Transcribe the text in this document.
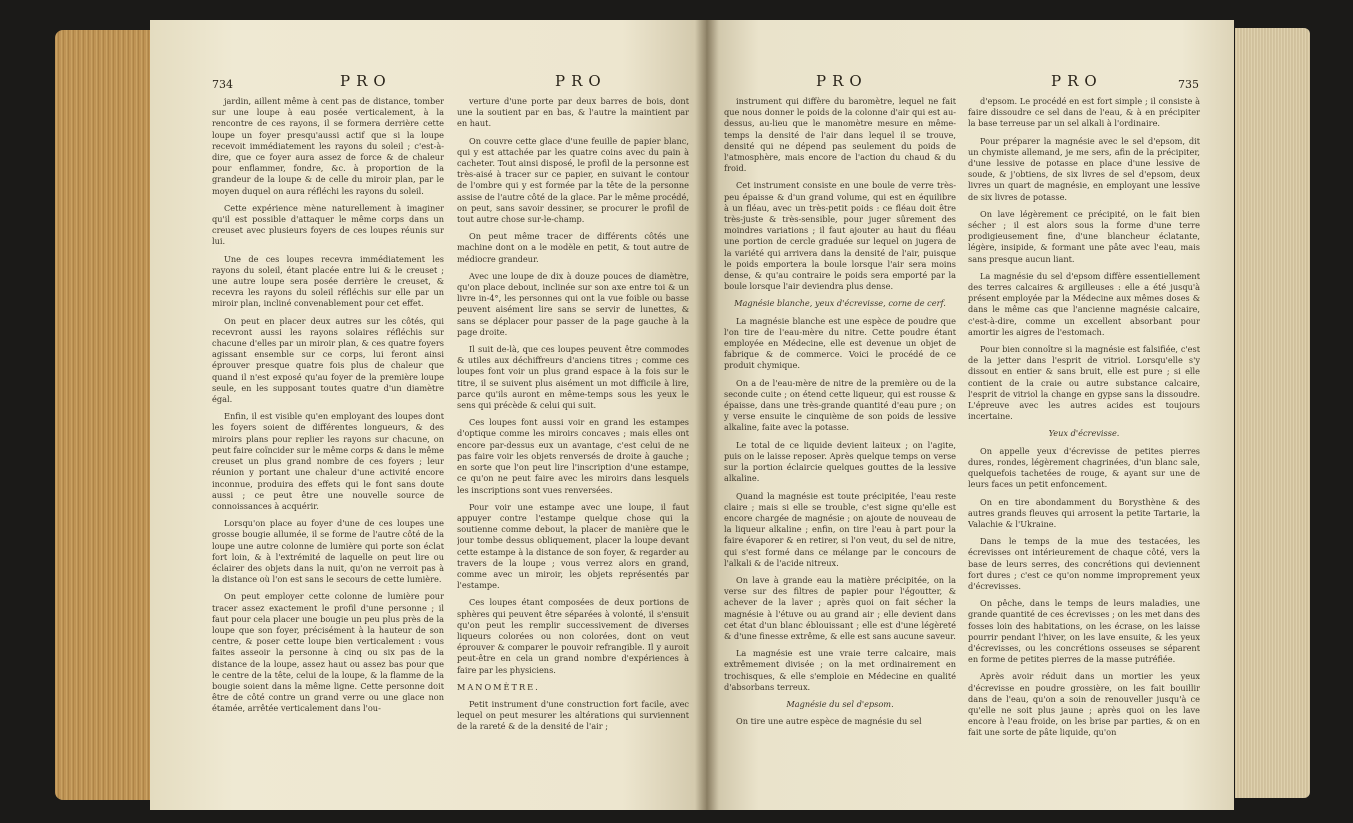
734	PRO	PRO

jardin, aillent même à cent pas de distance, tomber sur une loupe à eau posée verticalement, à la rencontre de ces rayons, il se formera derrière cette loupe un foyer presqu'aussi actif que si la loupe recevoit immédiatement les rayons du soleil ; c'est-à-dire, que ce foyer aura assez de force & de chaleur pour enflammer, fondre, &c. à proportion de la grandeur de la loupe & de celle du miroir plan, par le moyen duquel on aura réfléchi les rayons du soleil.

Cette expérience mène naturellement à imaginer qu'il est possible d'attaquer le même corps dans un creuset avec plusieurs foyers de ces loupes réunis sur lui.

Une de ces loupes recevra immédiatement les rayons du soleil, étant placée entre lui & le creuset ; une autre loupe sera posée derrière le creuset, & recevra les rayons du soleil réfléchis sur elle par un miroir plan, incliné convenablement pour cet effet.

On peut en placer deux autres sur les côtés, qui recevront aussi les rayons solaires réfléchis sur chacune d'elles par un miroir plan, & ces quatre foyers agissant ensemble sur ce corps, lui feront ainsi éprouver presque quatre fois plus de chaleur que quand il n'est exposé qu'au foyer de la première loupe seule, en les supposant toutes quatre d'un diamètre égal.

Enfin, il est visible qu'en employant des loupes dont les foyers soient de différentes longueurs, & des miroirs plans pour replier les rayons sur chacune, on peut faire coïncider sur le même corps & dans le même creuset un plus grand nombre de ces foyers ; leur réunion y portant une chaleur d'une activité encore inconnue, produira des effets qui le font sans doute aussi ; ce peut être une nouvelle source de connoissances à acquérir.

Lorsqu'on place au foyer d'une de ces loupes une grosse bougie allumée, il se forme de l'autre côté de la loupe une autre colonne de lumière qui porte son éclat fort loin, & à l'extrémité de laquelle on peut lire ou éclairer des objets dans la nuit, qu'on ne verroit pas à la distance où l'on est sans le secours de cette lumière.

On peut employer cette colonne de lumière pour tracer assez exactement le profil d'une personne ; il faut pour cela placer une bougie un peu plus près de la loupe que son foyer, précisément à la hauteur de son centre, & poser cette loupe bien verticalement : vous faites asseoir la personne à cinq ou six pas de la distance de la loupe, assez haut ou assez bas pour que le centre de la tête, celui de la loupe, & la flamme de la bougie soient dans la même ligne. Cette personne doit être de côté contre un grand verre ou une glace non étamée, arrêtée verticalement dans l'ou-

verture d'une porte par deux barres de bois, dont une la soutient par en bas, & l'autre la maintient par en haut.

On couvre cette glace d'une feuille de papier blanc, qui y est attachée par les quatre coins avec du pain à cacheter. Tout ainsi disposé, le profil de la personne est très-aisé à tracer sur ce papier, en suivant le contour de l'ombre qui y est formée par la tête de la personne assise de l'autre côté de la glace. Par le même procédé, on peut, sans savoir dessiner, se procurer le profil de tout autre chose sur-le-champ.

On peut même tracer de différents côtés une machine dont on a le modèle en petit, & tout autre de médiocre grandeur.

Avec une loupe de dix à douze pouces de diamètre, qu'on place debout, inclinée sur son axe entre toi & un livre in-4°, les personnes qui ont la vue foible ou basse peuvent aisément lire sans se servir de lunettes, & sans se déplacer pour passer de la page gauche à la page droite.

Il suit de-là, que ces loupes peuvent être commodes & utiles aux déchiffreurs d'anciens titres ; comme ces loupes font voir un plus grand espace à la fois sur le titre, il se suivent plus aisément un mot difficile à lire, parce qu'ils auront en même-temps sous les yeux le sens qui précède & celui qui suit.

Ces loupes font aussi voir en grand les estampes d'optique comme les miroirs concaves ; mais elles ont encore par-dessus eux un avantage, c'est celui de ne pas faire voir les objets renversés de droite à gauche ; en sorte que l'on peut lire l'inscription d'une estampe, ce qu'on ne peut faire avec les miroirs dans lesquels les inscriptions sont vues renversées.

Pour voir une estampe avec une loupe, il faut appuyer contre l'estampe quelque chose qui la soutienne comme debout, la placer de manière que le jour tombe dessus obliquement, placer la loupe devant cette estampe à la distance de son foyer, & regarder au travers de la loupe ; vous verrez alors en grand, comme avec un miroir, les objets représentés par l'estampe.

Ces loupes étant composées de deux portions de sphères qui peuvent être séparées à volonté, il s'ensuit qu'on peut les remplir successivement de diverses liqueurs colorées ou non colorées, dont on veut éprouver & comparer le pouvoir refrangible. Il y auroit peut-être en cela un grand nombre d'expériences à faire par les physiciens.

MANOMÈTRE.

Petit instrument d'une construction fort facile, avec lequel on peut mesurer les altérations qui surviennent de la rareté & de la densité de l'air ;

PRO	PRO	735

instrument qui diffère du baromètre, lequel ne fait que nous donner le poids de la colonne d'air qui est au-dessus, au-lieu que le manomètre mesure en même-temps la densité de l'air dans lequel il se trouve, densité qui ne dépend pas seulement du poids de l'atmosphère, mais encore de l'action du chaud & du froid.

Cet instrument consiste en une boule de verre très-peu épaisse & d'un grand volume, qui est en équilibre à un fléau, avec un très-petit poids : ce fléau doit être très-juste & très-sensible, pour juger sûrement des moindres variations ; il faut ajouter au haut du fléau une portion de cercle graduée sur lequel on jugera de la variété qui arrivera dans la densité de l'air, puisque le poids emportera la boule lorsque l'air sera moins dense, & qu'au contraire le poids sera emporté par la boule lorsque l'air deviendra plus dense.

Magnésie blanche, yeux d'écrevisse, corne de cerf.

La magnésie blanche est une espèce de poudre que l'on tire de l'eau-mère du nitre. Cette poudre étant employée en Médecine, elle est devenue un objet de fabrique & de commerce. Voici le procédé de ce produit chymique.

On a de l'eau-mère de nitre de la première ou de la seconde cuite ; on étend cette liqueur, qui est rousse & épaisse, dans une très-grande quantité d'eau pure ; on y verse ensuite le cinquième de son poids de lessive alkaline, faite avec la potasse.

Le total de ce liquide devient laiteux ; on l'agite, puis on le laisse reposer. Après quelque temps on verse sur la portion éclaircie quelques gouttes de la lessive alkaline.

Quand la magnésie est toute précipitée, l'eau reste claire ; mais si elle se trouble, c'est signe qu'elle est encore chargée de magnésie ; on ajoute de nouveau de la liqueur alkaline ; enfin, on tire l'eau à part pour la faire évaporer & en retirer, si l'on veut, du sel de nitre, qui s'est formé dans ce mélange par le concours de l'alkali & de l'acide nitreux.

On lave à grande eau la matière précipitée, on la verse sur des filtres de papier pour l'égoutter, & achever de la laver ; après quoi on fait sécher la magnésie à l'étuve ou au grand air ; elle devient dans cet état d'un blanc éblouissant ; elle est d'une légèreté & d'une finesse extrême, & elle est sans aucune saveur.

La magnésie est une vraie terre calcaire, mais extrêmement divisée ; on la met ordinairement en trochisques, & elle s'emploie en Médecine en qualité d'absorbans terreux.

Magnésie du sel d'epsom.

On tire une autre espèce de magnésie du sel

d'epsom. Le procédé en est fort simple ; il consiste à faire dissoudre ce sel dans de l'eau, & à en précipiter la base terreuse par un sel alkali à l'ordinaire.

Pour préparer la magnésie avec le sel d'epsom, dit un chymiste allemand, je me sers, afin de la précipiter, d'une lessive de potasse en place d'une lessive de soude, & j'obtiens, de six livres de sel d'epsom, deux livres un quart de magnésie, en employant une lessive de six livres de potasse.

On lave légèrement ce précipité, on le fait bien sécher ; il est alors sous la forme d'une terre prodigieusement fine, d'une blancheur éclatante, légère, insipide, & formant une pâte avec l'eau, mais sans presque aucun liant.

La magnésie du sel d'epsom diffère essentiellement des terres calcaires & argilleuses : elle a été jusqu'à présent employée par la Médecine aux mêmes doses & dans le même cas que l'ancienne magnésie calcaire, c'est-à-dire, comme un excellent absorbant pour amortir les aigres de l'estomach.

Pour bien connoître si la magnésie est falsifiée, c'est de la jetter dans l'esprit de vitriol. Lorsqu'elle s'y dissout en entier & sans bruit, elle est pure ; si elle contient de la craie ou autre substance calcaire, l'esprit de vitriol la change en gypse sans la dissoudre. L'épreuve avec les autres acides est toujours incertaine.

Yeux d'écrevisse.

On appelle yeux d'écrevisse de petites pierres dures, rondes, légèrement chagrinées, d'un blanc sale, quelquefois tachetées de rouge, & ayant sur une de leurs faces un petit enfoncement.

On en tire abondamment du Borysthène & des autres grands fleuves qui arrosent la petite Tartarie, la Valachie & l'Ukraine.

Dans le temps de la mue des testacées, les écrevisses ont intérieurement de chaque côté, vers la base de leurs serres, des concrétions qui deviennent fort dures ; c'est ce qu'on nomme improprement yeux d'écrevisses.

On pêche, dans le temps de leurs maladies, une grande quantité de ces écrevisses ; on les met dans des fosses loin des habitations, on les écrase, on les laisse pourrir pendant l'hiver, on les lave ensuite, & les yeux d'écrevisses, ou les concrétions osseuses se séparent en forme de petites pierres de la masse putréfiée.

Après avoir réduit dans un mortier les yeux d'écrevisse en poudre grossière, on les fait bouillir dans de l'eau, qu'on a soin de renouveller jusqu'à ce qu'elle ne soit plus jaune ; après quoi on les lave encore à l'eau froide, on les brise par parties, & on en fait une sorte de pâte liquide, qu'on
